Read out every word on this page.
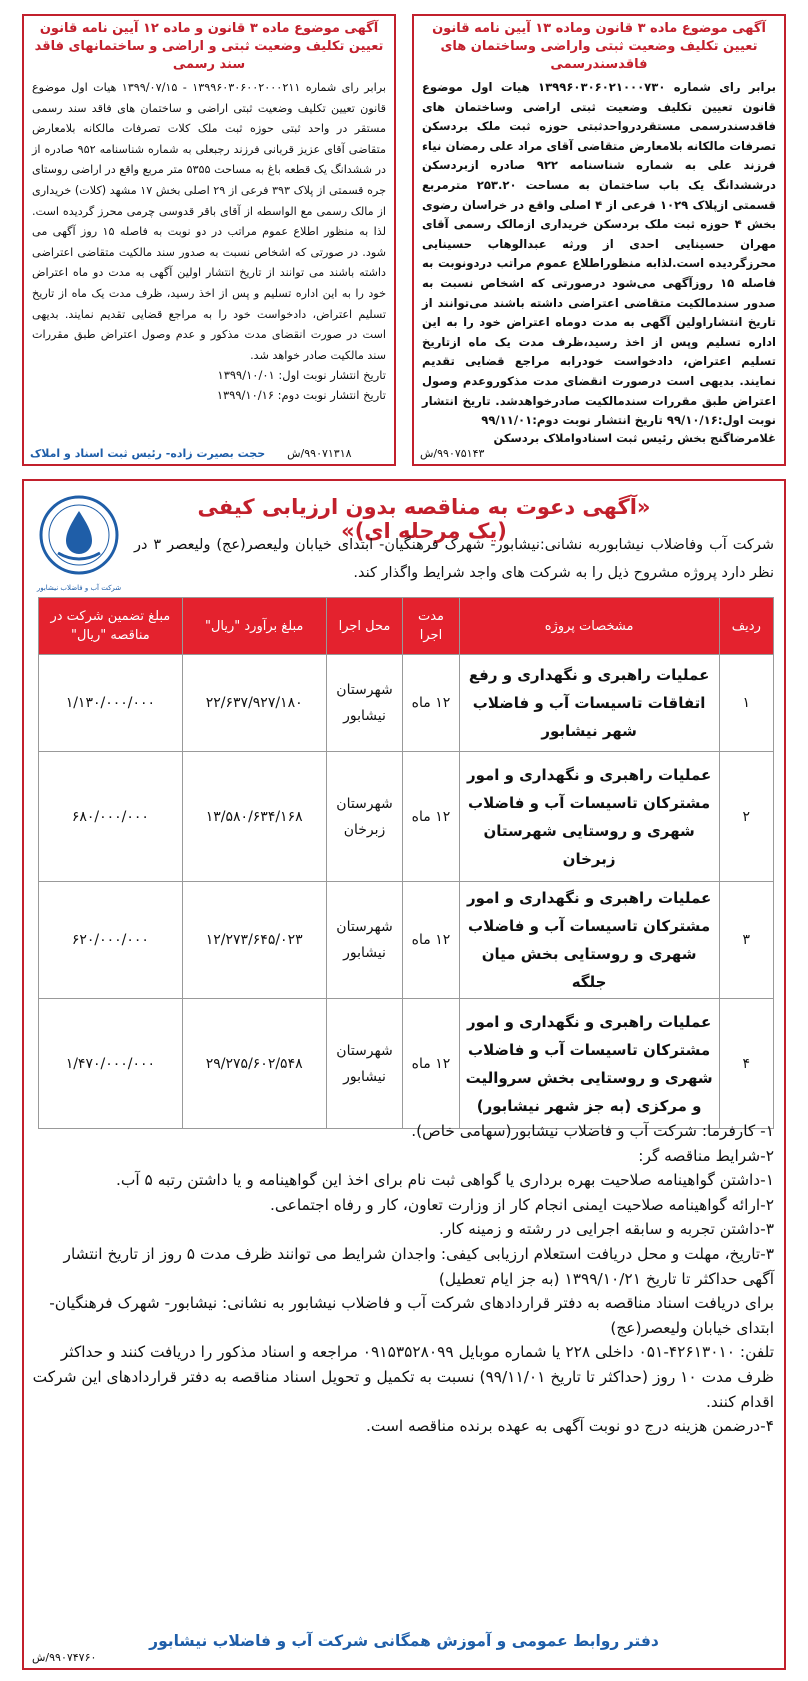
آگهی موضوع ماده ۳ قانون وماده ۱۳ آیین نامه قانون تعیین تکلیف وضعیت ثبتی واراضی وساختمان های فاقدسندرسمی
برابر رای شماره ۱۳۹۹۶۰۳۰۶۰۲۱۰۰۰۷۳۰ هیات اول موضوع قانون تعیین تکلیف وضعیت ثبتی اراضی وساختمان های فاقدسندرسمی مستقردرواحدثبتی حوزه ثبت ملک بردسکن تصرفات مالکانه بلامعارض متقاضی آقای مراد علی رمضان نیاء فرزند علی به شماره شناسنامه ۹۲۲ صادره ازبردسکن درششدانگ یک باب ساختمان به مساحت ۲۵۳.۲۰ مترمربع قسمتی ازپلاک ۱۰۲۹ فرعی از ۴ اصلی واقع در خراسان رضوی بخش ۴ حوزه ثبت ملک بردسکن خریداری ازمالک رسمی آقای مهران حسینایی احدی از ورثه عبدالوهاب حسینایی محرزگردیده است.لذابه منظوراطلاع عموم مراتب دردونوبت به فاصله ۱۵ روزآگهی می‌شود درصورتی که اشخاص نسبت به صدور سندمالکیت متقاضی اعتراضی داشته باشند می‌توانند از تاریخ انتشاراولین آگهی به مدت دوماه اعتراض خود را به این اداره تسلیم وپس از اخذ رسید،ظرف مدت یک ماه ازتاریخ تسلیم اعتراض، دادخواست خودرابه مراجع قضایی تقدیم نمایند. بدیهی است درصورت انقضای مدت مذکوروعدم وصول اعتراض طبق مقررات سندمالکیت صادرخواهدشد. تاریخ انتشار نوبت اول:۹۹/۱۰/۱۶ تاریخ انتشار نوبت دوم:۹۹/۱۱/۰۱
غلامرضاگنج بخش رئیس ثبت اسنادواملاک بردسکن
۹۹۰۷۵۱۴۳/ش
آگهی موضوع ماده ۳ قانون و ماده ۱۲ آیین نامه قانون تعیین تکلیف وضعیت ثبتی و اراضی و ساختمانهای فاقد سند رسمی
برابر رای شماره ۱۳۹۹۶۰۳۰۶۰۰۲۰۰۰۲۱۱ - ۱۳۹۹/۰۷/۱۵ هیات اول موضوع قانون تعیین تکلیف وضعیت ثبتی اراضی و ساختمان های فاقد سند رسمی مستقر در واحد ثبتی حوزه ثبت ملک کلات تصرفات مالکانه بلامعارض متقاضی آقای عزیز قربانی فرزند رجبعلی به شماره شناسنامه ۹۵۲ صادره از در ششدانگ یک قطعه باغ به مساحت ۵۳۵۵ متر مربع واقع در اراضی روستای جره قسمتی از پلاک ۳۹۳ فرعی از ۲۹ اصلی بخش ۱۷ مشهد (کلات) خریداری از مالک رسمی مع الواسطه از آقای باقر قدوسی چرمی محرز گردیده است. لذا به منظور اطلاع عموم مراتب در دو نوبت به فاصله ۱۵ روز آگهی می شود. در صورتی که اشخاص نسبت به صدور سند مالکیت متقاضی اعتراضی داشته باشند می توانند از تاریخ انتشار اولین آگهی به مدت دو ماه اعتراض خود را به این اداره تسلیم و پس از اخذ رسید، ظرف مدت یک ماه از تاریخ تسلیم اعتراض، دادخواست خود را به مراجع قضایی تقدیم نمایند. بدیهی است در صورت انقضای مدت مذکور و عدم وصول اعتراض طبق مقررات سند مالکیت صادر خواهد شد.
تاریخ انتشار نوبت اول: ۱۳۹۹/۱۰/۰۱
تاریخ انتشار نوبت دوم: ۱۳۹۹/۱۰/۱۶
۹۹۰۷۱۳۱۸/ش
حجت بصیرت زاده- رئیس ثبت اسناد و املاک
«آگهی دعوت به مناقصه بدون ارزیابی کیفی (یک مرحله ای)»
شرکت آب و فاضلاب نیشابور
شرکت آب وفاضلاب نیشابوربه نشانی:نیشابور- شهرک فرهنگیان- ابتدای خیابان ولیعصر(عج) ولیعصر ۳ در نظر دارد پروژه مشروح ذیل را به شرکت های واجد شرایط واگذار کند.
ردیف	مشخصات پروژه	مدت اجرا	محل اجرا	مبلغ برآورد "ریال"	مبلغ تضمین شرکت در مناقصه "ریال"
۱	عملیات راهبری و نگهداری و رفع اتفاقات تاسیسات آب و فاضلاب شهر نیشابور	۱۲ ماه	شهرستان نیشابور	۲۲/۶۳۷/۹۲۷/۱۸۰	۱/۱۳۰/۰۰۰/۰۰۰
۲	عملیات راهبری و نگهداری و امور مشترکان تاسیسات آب و فاضلاب شهری و روستایی شهرستان زبرخان	۱۲ ماه	شهرستان زبرخان	۱۳/۵۸۰/۶۳۴/۱۶۸	۶۸۰/۰۰۰/۰۰۰
۳	عملیات راهبری و نگهداری و امور مشترکان تاسیسات آب و فاضلاب شهری و روستایی بخش میان جلگه	۱۲ ماه	شهرستان نیشابور	۱۲/۲۷۳/۶۴۵/۰۲۳	۶۲۰/۰۰۰/۰۰۰
۴	عملیات راهبری و نگهداری و امور مشترکان تاسیسات آب و فاضلاب شهری و روستایی بخش سروالیت و مرکزی (به جز شهر نیشابور)	۱۲ ماه	شهرستان نیشابور	۲۹/۲۷۵/۶۰۲/۵۴۸	۱/۴۷۰/۰۰۰/۰۰۰
۱- کارفرما: شرکت آب و فاضلاب نیشابور(سهامی خاص).
۲-شرایط مناقصه گر:
۱-داشتن گواهینامه صلاحیت بهره برداری یا گواهی ثبت نام برای اخذ این گواهینامه و یا داشتن رتبه ۵ آب.
۲-ارائه گواهینامه صلاحیت ایمنی انجام کار از وزارت تعاون، کار و رفاه اجتماعی.
۳-داشتن تجربه و سابقه اجرایی در رشته و زمینه کار.
۳-تاریخ، مهلت و محل دریافت استعلام ارزیابی کیفی: واجدان شرایط می توانند ظرف مدت ۵ روز از تاریخ انتشار آگهی حداکثر تا تاریخ ۱۳۹۹/۱۰/۲۱ (به جز ایام تعطیل)
برای دریافت اسناد مناقصه به دفتر قراردادهای شرکت آب و فاضلاب نیشابور به نشانی: نیشابور- شهرک فرهنگیان- ابتدای خیابان ولیعصر(عج)
تلفن: ۴۲۶۱۳۰۱۰-۰۵۱ داخلی ۲۲۸ یا شماره موبایل ۰۹۱۵۳۵۲۸۰۹۹ مراجعه و اسناد مذکور را دریافت کنند و حداکثر ظرف مدت ۱۰ روز (حداکثر تا تاریخ ۹۹/۱۱/۰۱) نسبت به تکمیل و تحویل اسناد مناقصه به دفتر قراردادهای این شرکت اقدام کنند.
۴-درضمن هزینه درج دو نوبت آگهی به عهده برنده مناقصه است.
دفتر روابط عمومی و آموزش همگانی شرکت آب و فاضلاب نیشابور
۹۹۰۷۴۷۶۰/ش
